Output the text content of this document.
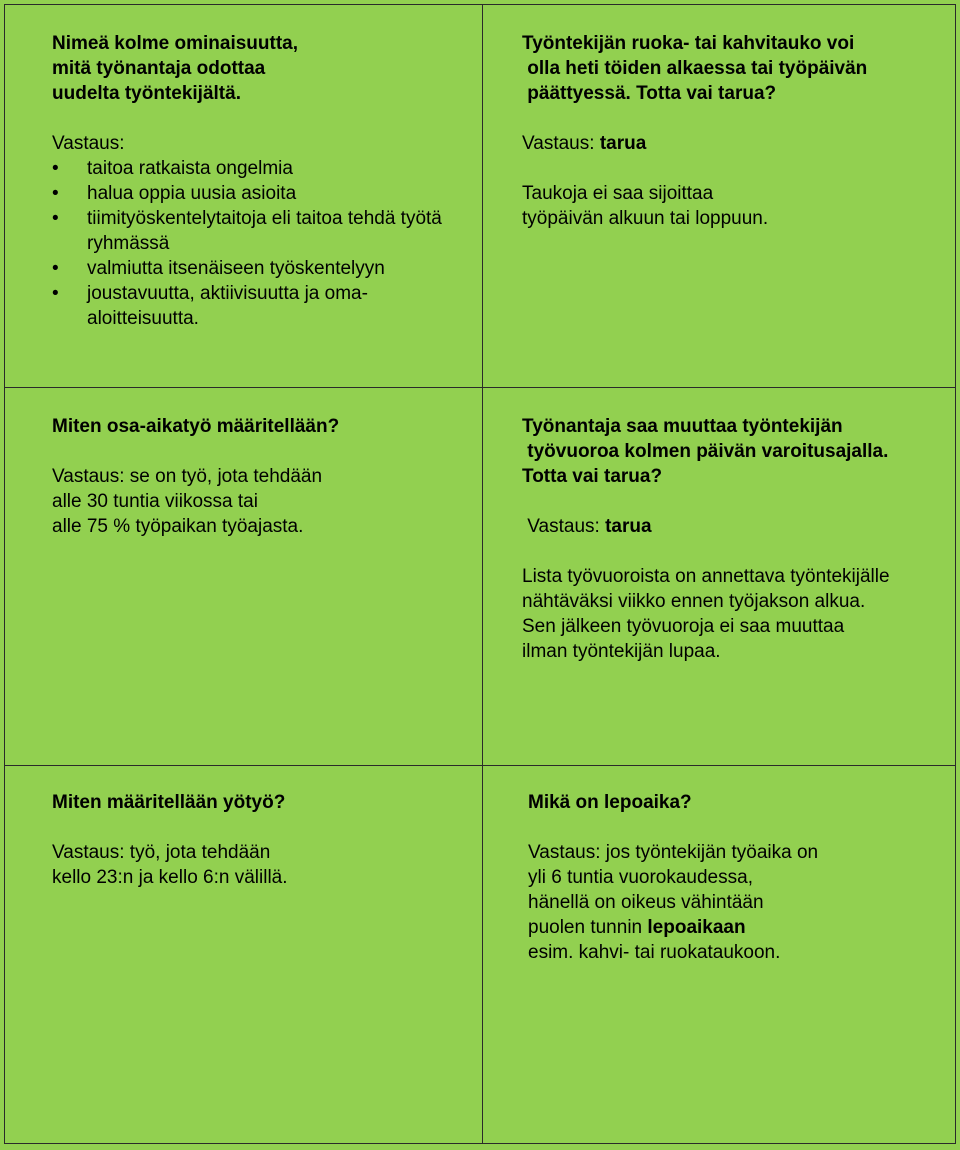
Nimeä kolme ominaisuutta,
mitä työnantaja odottaa
uudelta työntekijältä.
Vastaus:
• taitoa ratkaista ongelmia
• halua oppia uusia asioita
• tiimityöskentelytaitoja eli taitoa tehdä työtä ryhmässä
• valmiutta itsenäiseen työskentelyyn
• joustavuutta, aktiivisuutta ja oma-aloitteisuutta.
Työntekijän ruoka- tai kahvitauko voi
olla heti töiden alkaessa tai työpäivän
päättyessä. Totta vai tarua?
Vastaus: tarua
Taukoja ei saa sijoittaa
työpäivän alkuun tai loppuun.
Miten osa-aikatyö määritellään?
Vastaus: se on työ, jota tehdään
alle 30 tuntia viikossa tai
alle 75 % työpaikan työajasta.
Työnantaja saa muuttaa työntekijän
työvuoroa kolmen päivän varoitusajalla.
Totta vai tarua?
Vastaus: tarua
Lista työvuoroista on annettava työntekijälle
nähtäväksi viikko ennen työjakson alkua.
Sen jälkeen työvuoroja ei saa muuttaa
ilman työntekijän lupaa.
Miten määritellään yötyö?
Vastaus: työ, jota tehdään
kello 23:n ja kello 6:n välillä.
Mikä on lepoaika?
Vastaus: jos työntekijän työaika on
yli 6 tuntia vuorokaudessa,
hänellä on oikeus vähintään
puolen tunnin lepoaikaan
esim. kahvi- tai ruokataukoon.
